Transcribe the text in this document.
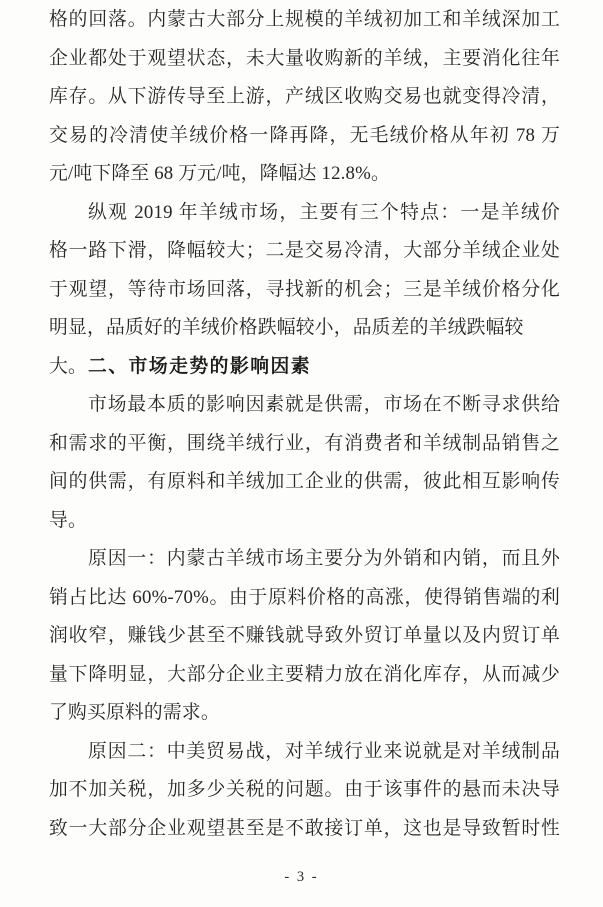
格的回落。内蒙古大部分上规模的羊绒初加工和羊绒深加工
企业都处于观望状态，未大量收购新的羊绒，主要消化往年
库存。从下游传导至上游，产绒区收购交易也就变得冷清，
交易的冷清使羊绒价格一降再降，无毛绒价格从年初 78 万
元/吨下降至 68 万元/吨，降幅达 12.8%。
纵观 2019 年羊绒市场，主要有三个特点：一是羊绒价
格一路下滑，降幅较大；二是交易冷清，大部分羊绒企业处
于观望，等待市场回落，寻找新的机会；三是羊绒价格分化
明显，品质好的羊绒价格跌幅较小，品质差的羊绒跌幅较大。 二、市场走势的影响因素
市场最本质的影响因素就是供需，市场在不断寻求供给
和需求的平衡，围绕羊绒行业，有消费者和羊绒制品销售之
间的供需，有原料和羊绒加工企业的供需，彼此相互影响传
导。
原因一：内蒙古羊绒市场主要分为外销和内销，而且外
销占比达 60%-70%。由于原料价格的高涨，使得销售端的利
润收窄，赚钱少甚至不赚钱就导致外贸订单量以及内贸订单
量下降明显，大部分企业主要精力放在消化库存，从而减少
了购买原料的需求。
原因二：中美贸易战，对羊绒行业来说就是对羊绒制品
加不加关税，加多少关税的问题。由于该事件的悬而未决导
致一大部分企业观望甚至是不敢接订单，这也是导致暂时性
- 3 -
